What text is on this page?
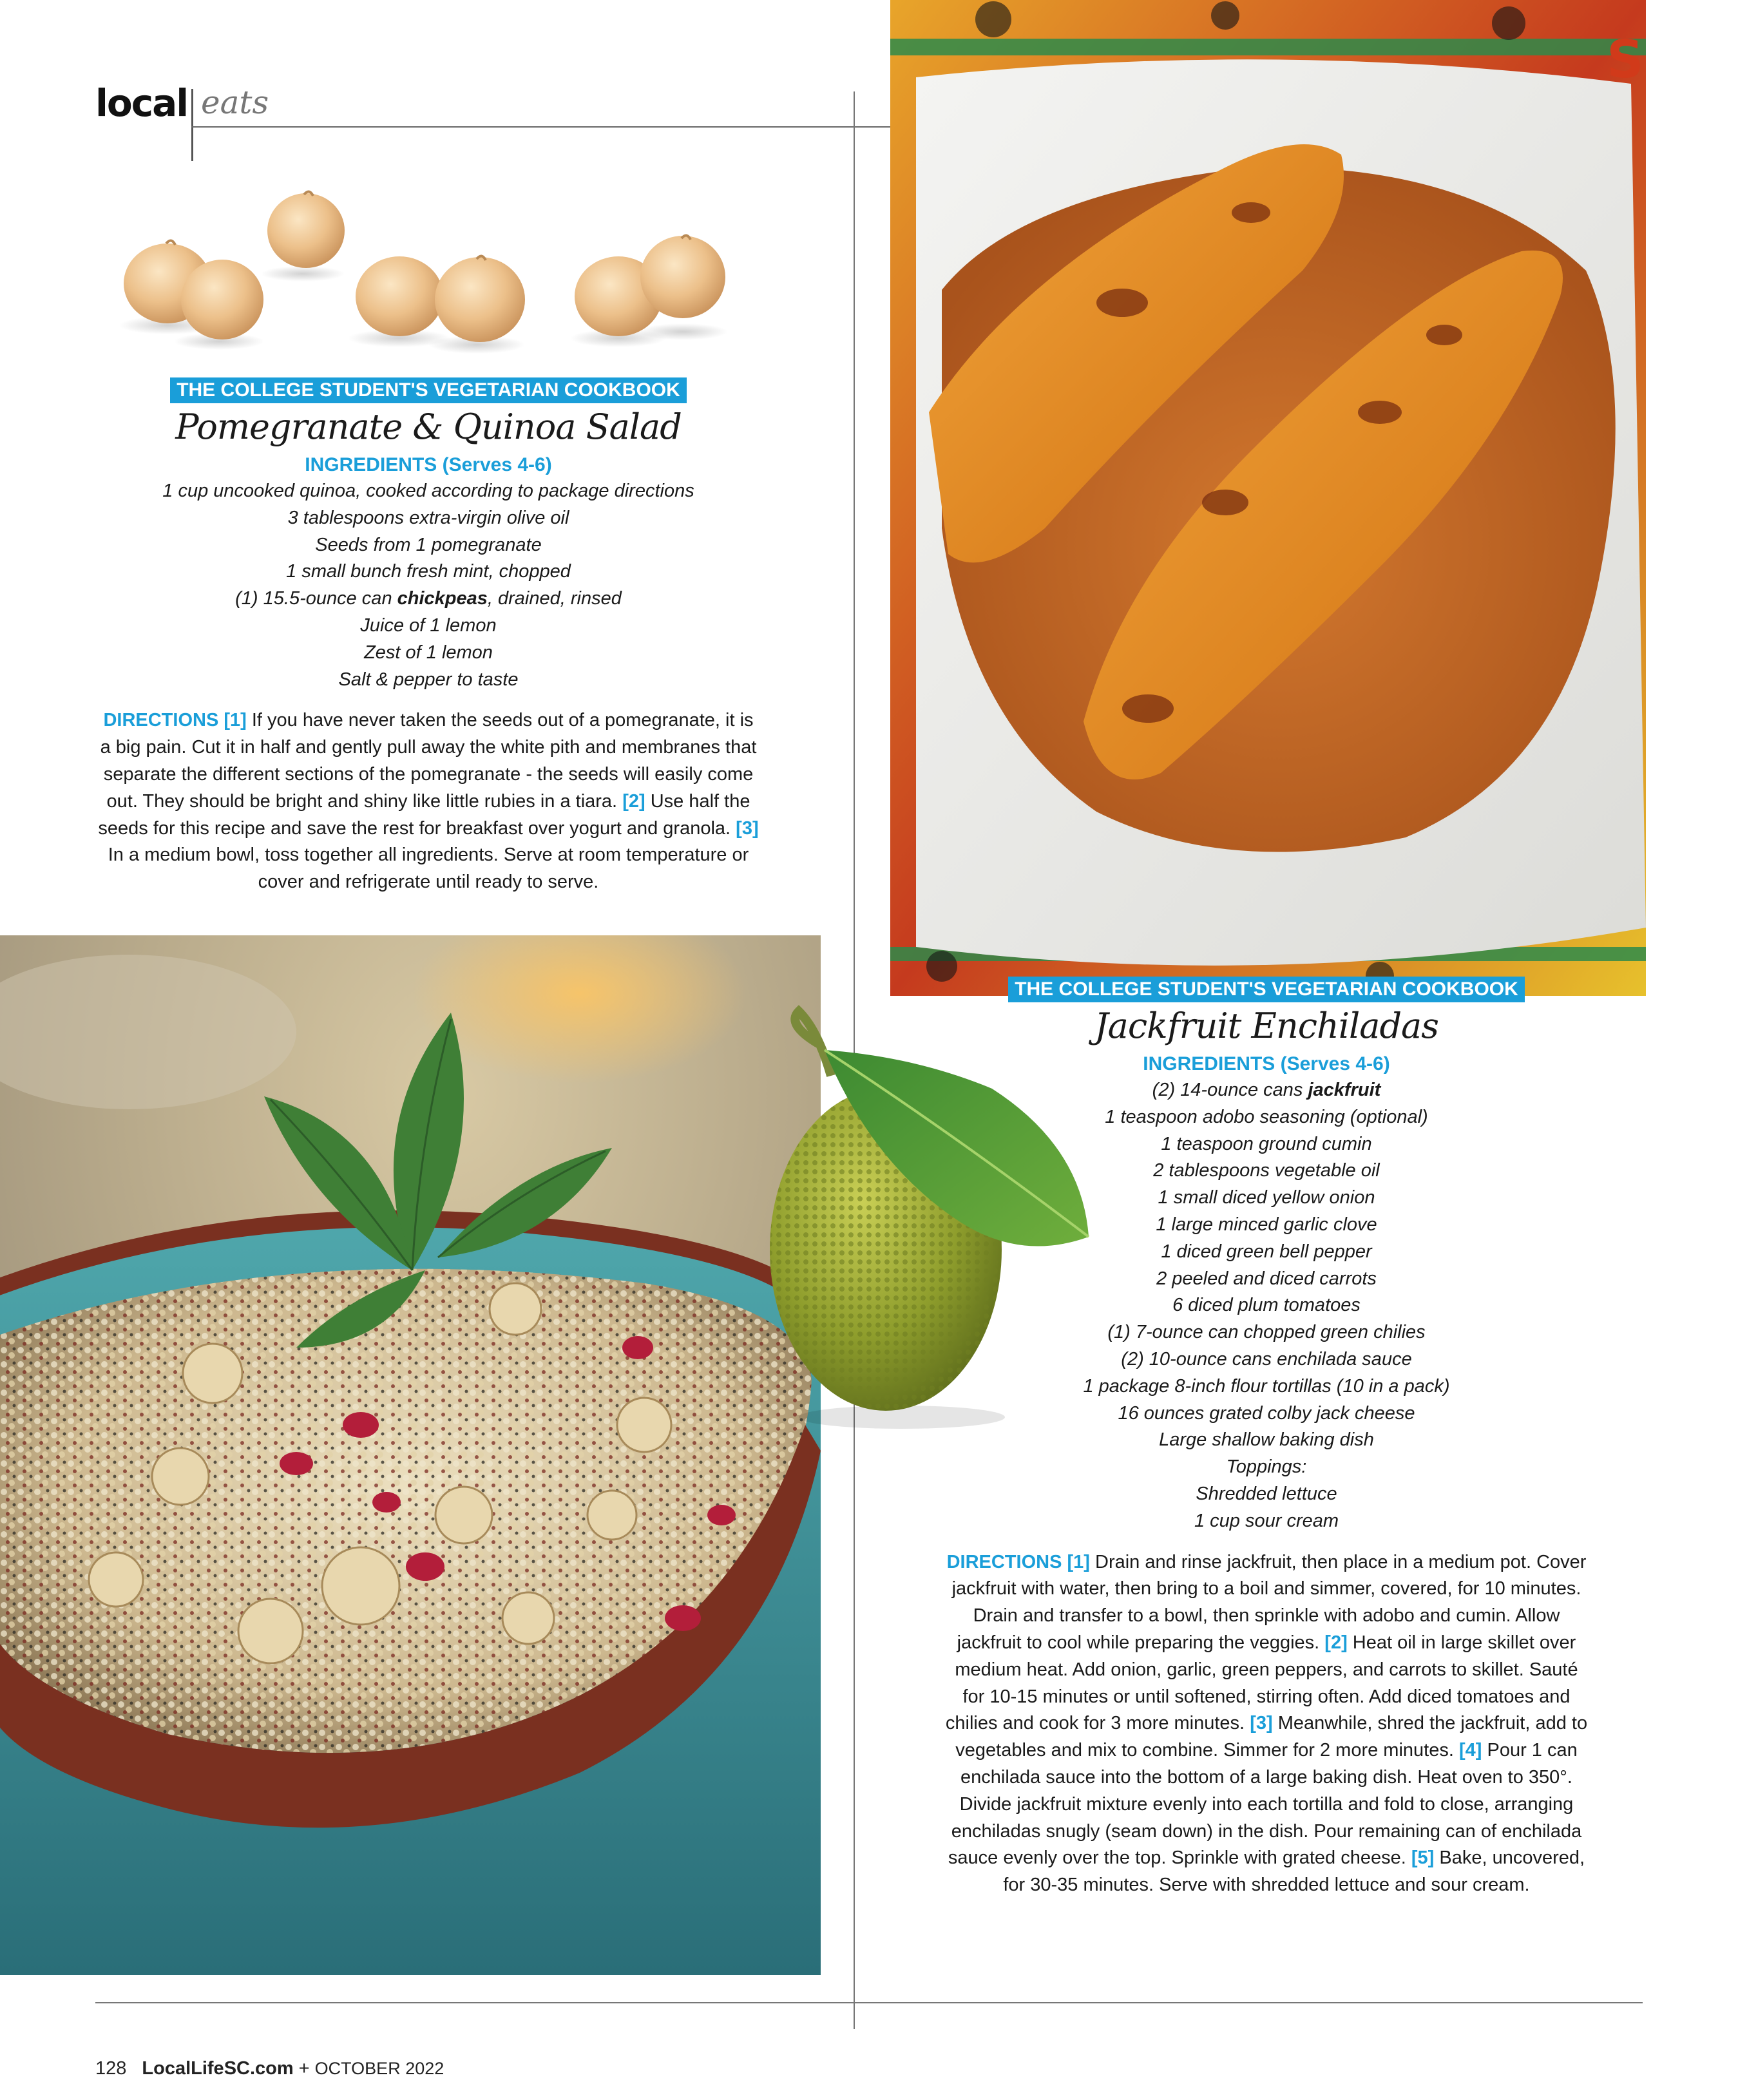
local eats
THE COLLEGE STUDENT'S VEGETARIAN COOKBOOK
Pomegranate & Quinoa Salad
INGREDIENTS (Serves 4-6)
1 cup uncooked quinoa, cooked according to package directions
3 tablespoons extra-virgin olive oil
Seeds from 1 pomegranate
1 small bunch fresh mint, chopped
(1) 15.5-ounce can chickpeas, drained, rinsed
Juice of 1 lemon
Zest of 1 lemon
Salt & pepper to taste
DIRECTIONS [1] If you have never taken the seeds out of a pomegranate, it is a big pain. Cut it in half and gently pull away the white pith and membranes that separate the different sections of the pomegranate - the seeds will easily come out. They should be bright and shiny like little rubies in a tiara. [2] Use half the seeds for this recipe and save the rest for breakfast over yogurt and granola. [3] In a medium bowl, toss together all ingredients. Serve at room temperature or cover and refrigerate until ready to serve.
S
THE COLLEGE STUDENT'S VEGETARIAN COOKBOOK
Jackfruit Enchiladas
INGREDIENTS (Serves 4-6)
(2) 14-ounce cans jackfruit
1 teaspoon adobo seasoning (optional)
1 teaspoon ground cumin
2 tablespoons vegetable oil
1 small diced yellow onion
1 large minced garlic clove
1 diced green bell pepper
2 peeled and diced carrots
6 diced plum tomatoes
(1) 7-ounce can chopped green chilies
(2) 10-ounce cans enchilada sauce
1 package 8-inch flour tortillas (10 in a pack)
16 ounces grated colby jack cheese
Large shallow baking dish
Toppings:
Shredded lettuce
1 cup sour cream
DIRECTIONS [1] Drain and rinse jackfruit, then place in a medium pot. Cover jackfruit with water, then bring to a boil and simmer, covered, for 10 minutes. Drain and transfer to a bowl, then sprinkle with adobo and cumin. Allow jackfruit to cool while preparing the veggies. [2] Heat oil in large skillet over medium heat. Add onion, garlic, green peppers, and carrots to skillet. Sauté for 10-15 minutes or until softened, stirring often. Add diced tomatoes and chilies and cook for 3 more minutes. [3] Meanwhile, shred the jackfruit, add to vegetables and mix to combine. Simmer for 2 more minutes. [4] Pour 1 can enchilada sauce into the bottom of a large baking dish. Heat oven to 350°. Divide jackfruit mixture evenly into each tortilla and fold to close, arranging enchiladas snugly (seam down) in the dish. Pour remaining can of enchilada sauce evenly over the top. Sprinkle with grated cheese. [5] Bake, uncovered, for 30-35 minutes. Serve with shredded lettuce and sour cream.
128 LocalLifeSC.com + OCTOBER 2022
